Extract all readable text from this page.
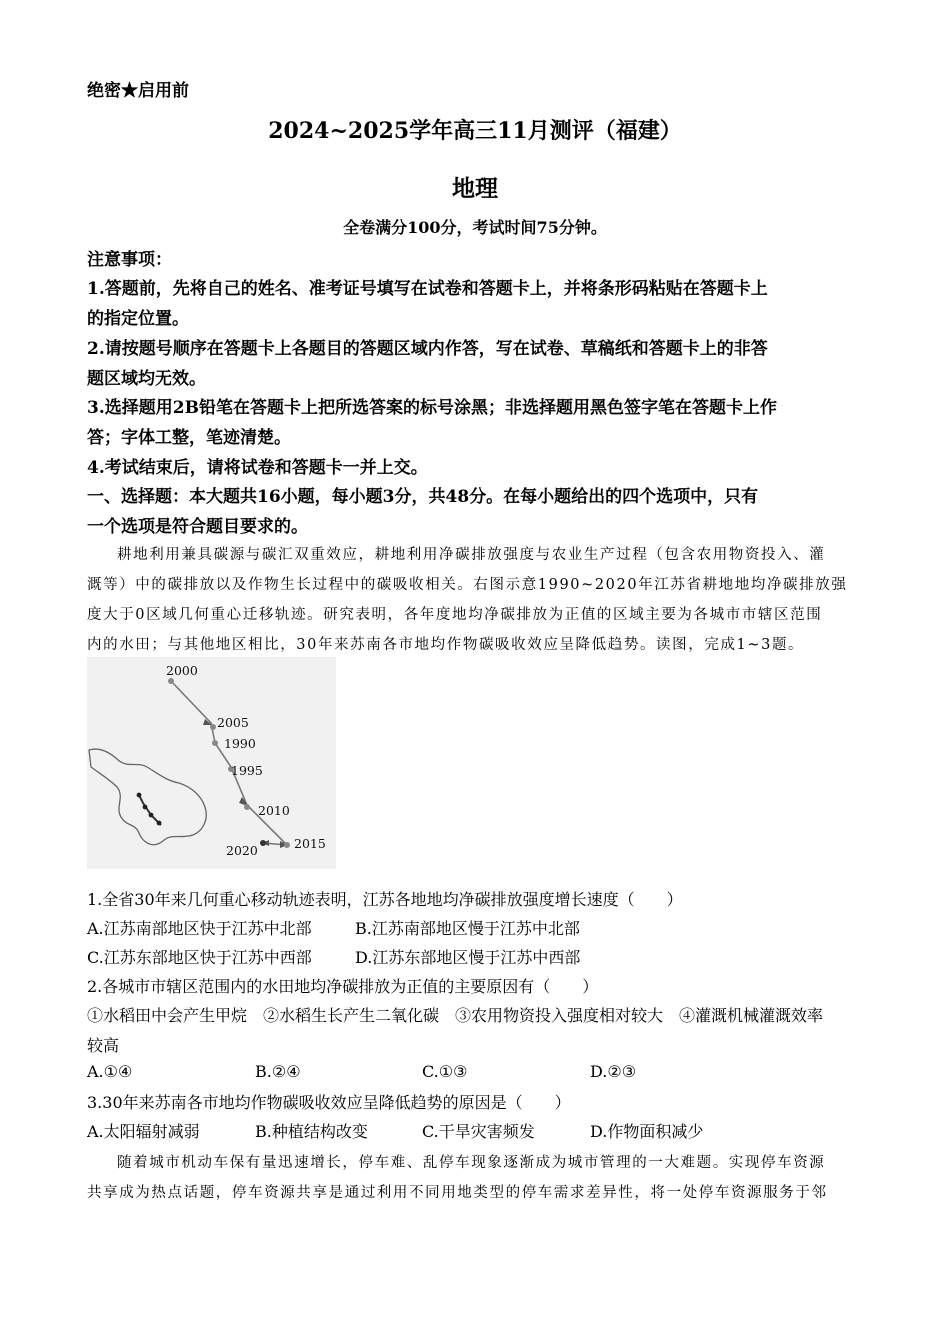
绝密★启用前
2024~2025学年高三11月测评（福建）
地理
全卷满分100分，考试时间75分钟。
注意事项：
1.答题前，先将自己的姓名、准考证号填写在试卷和答题卡上，并将条形码粘贴在答题卡上
的指定位置。
2.请按题号顺序在答题卡上各题目的答题区域内作答，写在试卷、草稿纸和答题卡上的非答
题区域均无效。
3.选择题用2B铅笔在答题卡上把所选答案的标号涂黑；非选择题用黑色签字笔在答题卡上作
答；字体工整，笔迹清楚。
4.考试结束后，请将试卷和答题卡一并上交。
一、选择题：本大题共16小题，每小题3分，共48分。在每小题给出的四个选项中，只有
一个选项是符合题目要求的。
耕地利用兼具碳源与碳汇双重效应，耕地利用净碳排放强度与农业生产过程（包含农用物资投入、灌
溉等）中的碳排放以及作物生长过程中的碳吸收相关。右图示意1990~2020年江苏省耕地地均净碳排放强
度大于0区域几何重心迁移轨迹。研究表明，各年度地均净碳排放为正值的区域主要为各城市市辖区范围
内的水田；与其他地区相比，30年来苏南各市地均作物碳吸收效应呈降低趋势。读图，完成1~3题。
2000
2005
1990
1995
2010
2015
2020
1.全省30年来几何重心移动轨迹表明，江苏各地地均净碳排放强度增长速度（　　）
A.江苏南部地区快于江苏中北部	B.江苏南部地区慢于江苏中北部
C.江苏东部地区快于江苏中西部	D.江苏东部地区慢于江苏中西部
2.各城市市辖区范围内的水田地均净碳排放为正值的主要原因有（　　）
①水稻田中会产生甲烷　②水稻生长产生二氧化碳　③农用物资投入强度相对较大　④灌溉机械灌溉效率
较高
A.①④	B.②④	C.①③	D.②③
3.30年来苏南各市地均作物碳吸收效应呈降低趋势的原因是（　　）
A.太阳辐射减弱	B.种植结构改变	C.干旱灾害频发	D.作物面积减少
随着城市机动车保有量迅速增长，停车难、乱停车现象逐渐成为城市管理的一大难题。实现停车资源
共享成为热点话题，停车资源共享是通过利用不同用地类型的停车需求差异性，将一处停车资源服务于邻
